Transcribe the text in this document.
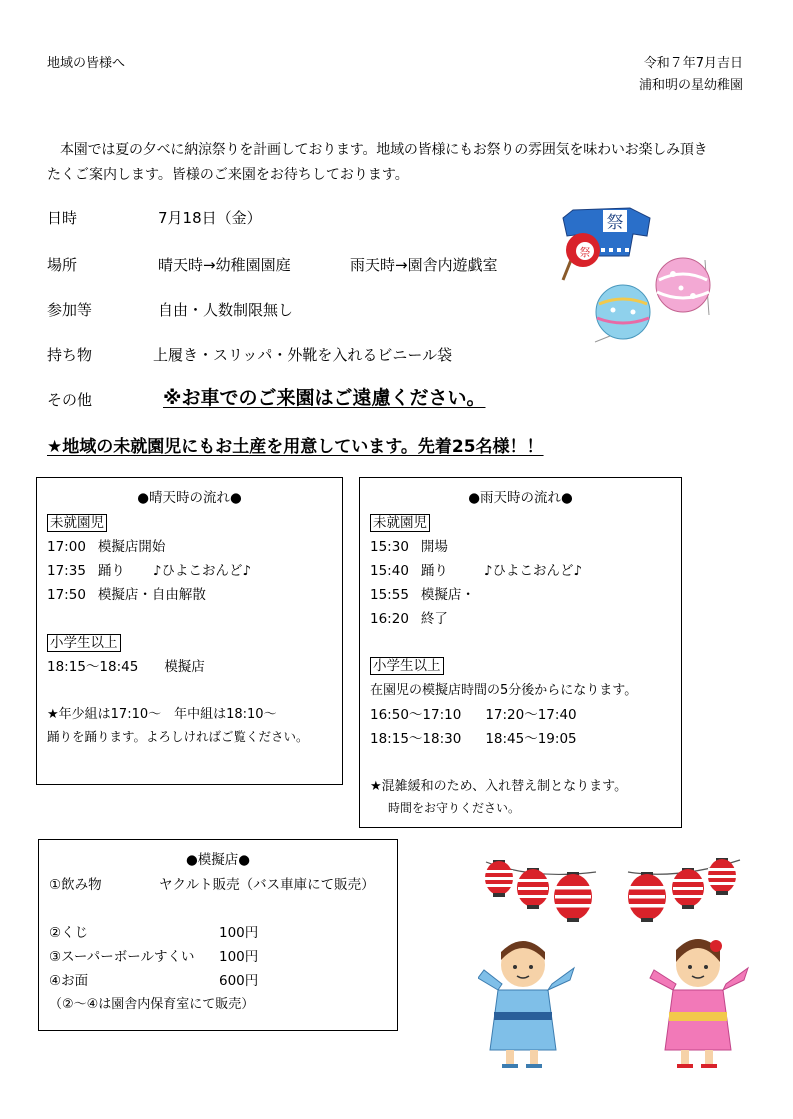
地域の皆様へ	令和７年7月吉日
浦和明の星幼稚園
本園では夏の夕べに納涼祭りを計画しております。地域の皆様にもお祭りの雰囲気を味わいお楽しみ頂き
たくご案内します。皆様のご来園をお待ちしております。
日時	7月18日（金）
場所	晴天時→幼稚園園庭	雨天時→園舎内遊戯室
参加等	自由・人数制限無し
持ち物	上履き・スリッパ・外靴を入れるビニール袋
その他	※お車でのご来園はご遠慮ください。
★地域の未就園児にもお土産を用意しています。先着25名様！！
祭
祭
●晴天時の流れ●
未就園児
17:00 模擬店開始
17:35 踊り ♪ひよこおんど♪
17:50 模擬店・自由解散
小学生以上
18:15～18:45 模擬店
★年少組は17:10～　年中組は18:10～
踊りを踊ります。よろしければご覧ください。
●雨天時の流れ●
未就園児
15:30 開場
15:40 踊り	♪ひよこおんど♪
15:55 模擬店・
16:20 終了
小学生以上
在園児の模擬店時間の5分後からになります。
16:50～17:10 17:20～17:40
18:15～18:30 18:45～19:05
★混雑緩和のため、入れ替え制となります。
時間をお守りください。
●模擬店●
①飲み物	ヤクルト販売（バス車庫にて販売）
②くじ	100円
③スーパーボールすくい 100円
④お面	600円
（②～④は園舎内保育室にて販売）
